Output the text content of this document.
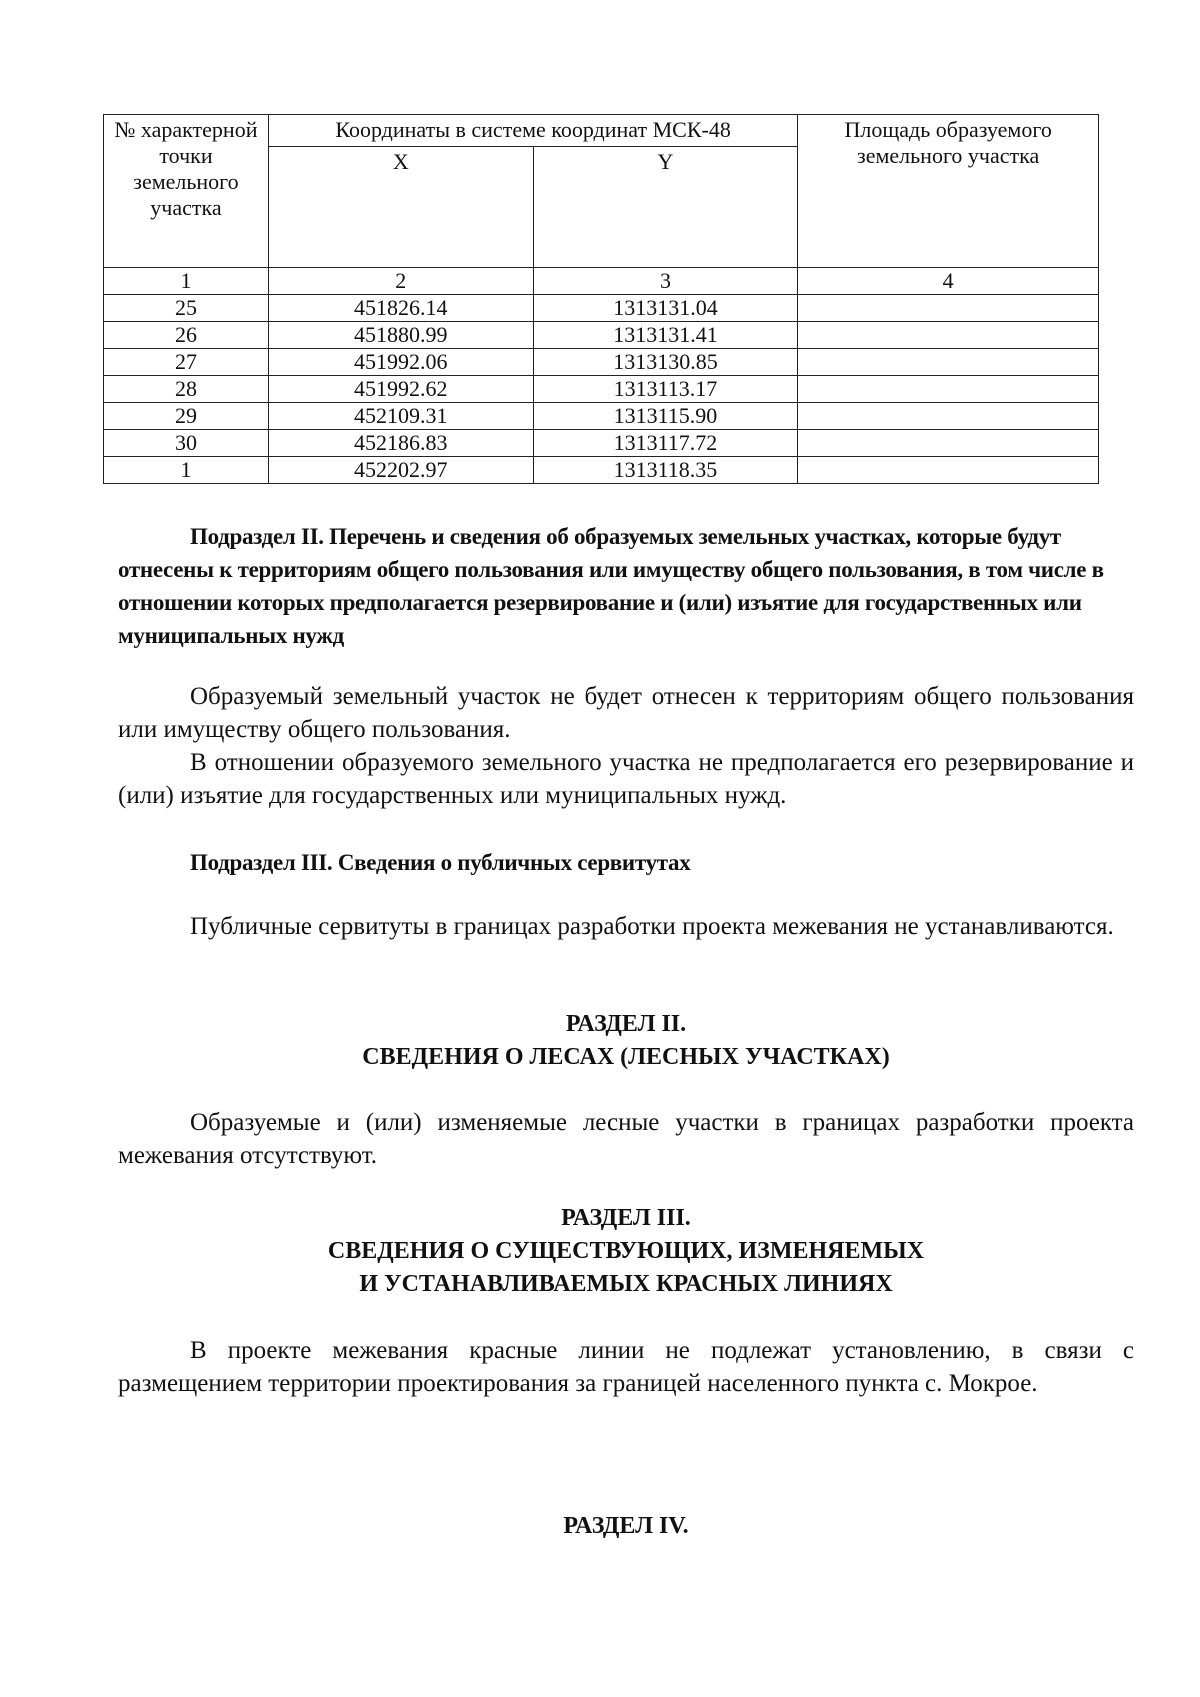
№ характерной точки земельного участка	Координаты в системе координат МСК-48		Площадь образуемого земельного участка
	X	Y	
1	2	3	4
25	451826.14	1313131.04	
26	451880.99	1313131.41	
27	451992.06	1313130.85	
28	451992.62	1313113.17	
29	452109.31	1313115.90	
30	452186.83	1313117.72	
1	452202.97	1313118.35	
Подраздел II. Перечень и сведения об образуемых земельных участках, которые будут отнесены к территориям общего пользования или имуществу общего пользования, в том числе в отношении которых предполагается резервирование и (или) изъятие для государственных или муниципальных нужд
Образуемый земельный участок не будет отнесен к территориям общего пользования или имуществу общего пользования.
В отношении образуемого земельного участка не предполагается его резервирование и (или) изъятие для государственных или муниципальных нужд.
Подраздел III. Сведения о публичных сервитутах
Публичные сервитуты в границах разработки проекта межевания не устанавливаются.
РАЗДЕЛ II.
СВЕДЕНИЯ О ЛЕСАХ (ЛЕСНЫХ УЧАСТКАХ)
Образуемые и (или) изменяемые лесные участки в границах разработки проекта межевания отсутствуют.
РАЗДЕЛ III.
СВЕДЕНИЯ О СУЩЕСТВУЮЩИХ, ИЗМЕНЯЕМЫХ
И УСТАНАВЛИВАЕМЫХ КРАСНЫХ ЛИНИЯХ
В проекте межевания красные линии не подлежат установлению, в связи с размещением территории проектирования за границей населенного пункта с. Мокрое.
РАЗДЕЛ IV.
